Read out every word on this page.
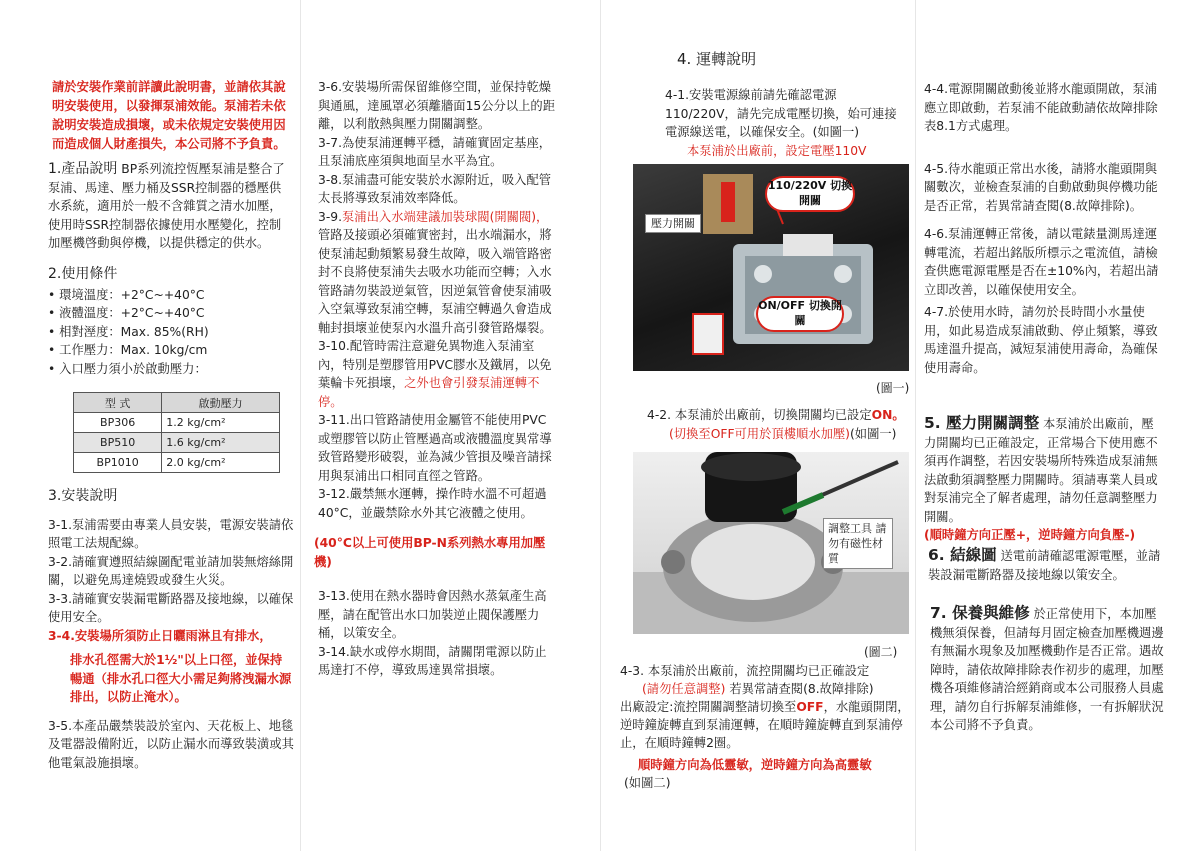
請於安裝作業前詳讀此說明書，並請依其說明安裝使用，以發揮泵浦效能。泵浦若未依說明安裝造成損壞，或未依規定安裝使用因而造成個人財產損失，本公司將不予負責。

1.產品說明 BP系列流控恆壓泵浦是整合了泵浦、馬達、壓力桶及SSR控制器的穩壓供水系統，適用於一般不含雜質之清水加壓，使用時SSR控制器依據使用水壓變化，控制加壓機啓動與停機，以提供穩定的供水。

2.使用條件

• 環境溫度：+2°C~+40°C
• 液體溫度：+2°C~+40°C
• 相對溼度：Max. 85%(RH)
• 工作壓力：Max. 10kg/cm
• 入口壓力須小於啟動壓力：
型 式	啟動壓力
BP306	1.2 kg/cm²
BP510	1.6 kg/cm²
BP1010	2.0 kg/cm²

3.安裝說明

3-1.泵浦需要由專業人員安裝，電源安裝請依照電工法規配線。

3-2.請確實遵照結線圖配電並請加裝無熔絲開關，以避免馬達燒毀或發生火災。

3-3.請確實安裝漏電斷路器及接地線，以確保使用安全。

3-4.安裝場所須防止日曬雨淋且有排水，

排水孔徑需大於1½"以上口徑，並保持暢通（排水孔口徑大小需足夠將洩漏水源排出，以防止淹水）。

3-5.本產品嚴禁裝設於室內、天花板上、地毯及電器設備附近，以防止漏水而導致裝潢或其他電氣設施損壞。

3-6.安裝場所需保留維修空間，並保持乾燥與通風，達風罩必須離牆面15公分以上的距離，以利散熱與壓力開關調整。

3-7.為使泵浦運轉平穩，請確實固定基座，且泵浦底座須與地面呈水平為宜。

3-8.泵浦盡可能安裝於水源附近，吸入配管太長將導致泵浦效率降低。

3-9.泵浦出入水端建議加裝球閥(開關閥)，管路及接頭必須確實密封，出水端漏水，將使泵浦起動頻繁易發生故障，吸入端管路密封不良將使泵浦失去吸水功能而空轉；入水管路請勿裝設逆氣管，因逆氣管會使泵浦吸入空氣導致泵浦空轉，泵浦空轉過久會造成軸封損壞並使泵內水溫升高引發管路爆裂。

3-10.配管時需注意避免異物進入泵浦室內，特別是塑膠管用PVC膠水及鐵屑，以免葉輪卡死損壞，之外也會引發泵浦運轉不停。

3-11.出口管路請使用金屬管不能使用PVC或塑膠管以防止管壓過高或液體溫度異常導致管路變形破裂，並為減少管損及噪音請採用與泵浦出口相同直徑之管路。

3-12.嚴禁無水運轉，操作時水溫不可超過40°C，並嚴禁除水外其它液體之使用。

(40°C以上可使用BP-N系列熱水專用加壓機)

3-13.使用在熱水器時會因熱水蒸氣產生高壓，請在配管出水口加裝逆止閥保護壓力桶，以策安全。

3-14.缺水或停水期間，請關閉電源以防止馬達打不停，導致馬達異常損壞。

4. 運轉說明

4-1.安裝電源線前請先確認電源110/220V，請先完成電壓切換，始可連接電源線送電，以確保安全。(如圖一)

本泵浦於出廠前，設定電壓110V

110/220V 切換開關
ON/OFF 切換開關
壓力開關
(圖一)

4-2. 本泵浦於出廠前，切換開關均已設定ON。

(切換至OFF可用於頂樓順水加壓)(如圖一)

調整工具 請勿有磁性材質
(圖二)

4-3. 本泵浦於出廠前，流控開關均已正確設定

(請勿任意調整) 若異常請查閱(8.故障排除)

出廠設定:流控開關調整請切換至OFF，水龍頭開閉，逆時鐘旋轉直到泵浦運轉，在順時鐘旋轉直到泵浦停止，在順時鐘轉2圈。

順時鐘方向為低靈敏，逆時鐘方向為高靈敏

(如圖二)

4-4.電源開關啟動後並將水龍頭開啟，泵浦應立即啟動，若泵浦不能啟動請依故障排除表8.1方式處理。

4-5.待水龍頭正常出水後，請將水龍頭開與關數次，並檢查泵浦的自動啟動與停機功能是否正常，若異常請查閱(8.故障排除)。

4-6.泵浦運轉正常後，請以電錶量測馬達運轉電流，若超出銘版所標示之電流值，請檢查供應電源電壓是否在±10%內，若超出請立即改善，以確保使用安全。

4-7.於使用水時，請勿於長時間小水量使用，如此易造成泵浦啟動、停止頻繁，導致馬達溫升提高，減短泵浦使用壽命，為確保使用壽命。

5. 壓力開關調整 本泵浦於出廠前，壓力開關均已正確設定，正常場合下使用應不須再作調整，若因安裝場所特殊造成泵浦無法啟動須調整壓力開關時。須請專業人員或對泵浦完全了解者處理，請勿任意調整壓力開關。

(順時鐘方向正壓+，逆時鐘方向負壓-)

6. 結線圖 送電前請確認電源電壓，並請裝設漏電斷路器及接地線以策安全。
7. 保養與維修 於正常使用下，本加壓機無須保養，但請每月固定檢查加壓機週邊有無漏水現象及加壓機動作是否正常。遇故障時，請依故障排除表作初步的處理，加壓機各項維修請洽經銷商或本公司服務人員處理，請勿自行拆解泵浦維修，一有拆解狀況本公司將不予負責。
